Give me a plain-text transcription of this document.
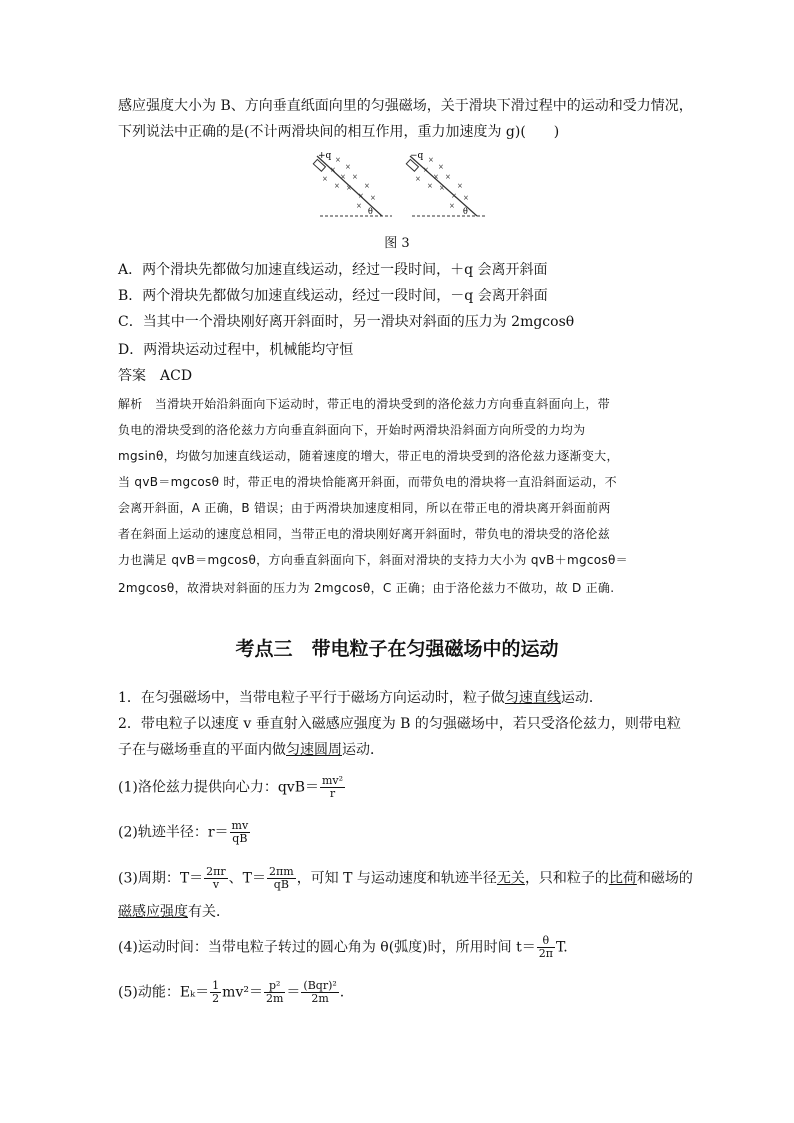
感应强度大小为 B、方向垂直纸面向里的匀强磁场，关于滑块下滑过程中的运动和受力情况，
下列说法中正确的是(不计两滑块间的相互作用，重力加速度为 g)(　　)
+q
θ
×
×
×
× ×
×
×
× ×
× ×
×
−q
θ
×
×
×
× ×
×
×
× ×
× ×
×
图 3
A．两个滑块先都做匀加速直线运动，经过一段时间，＋q 会离开斜面
B．两个滑块先都做匀加速直线运动，经过一段时间，－q 会离开斜面
C．当其中一个滑块刚好离开斜面时，另一滑块对斜面的压力为 2mgcosθ
D．两滑块运动过程中，机械能均守恒
答案　 ACD
解析　 当滑块开始沿斜面向下运动时，带正电的滑块受到的洛伦兹力方向垂直斜面向上，带
负电的滑块受到的洛伦兹力方向垂直斜面向下，开始时两滑块沿斜面方向所受的力均为
mgsinθ，均做匀加速直线运动，随着速度的增大，带正电的滑块受到的洛伦兹力逐渐变大，
当 qvB＝mgcosθ 时，带正电的滑块恰能离开斜面，而带负电的滑块将一直沿斜面运动，不
会离开斜面，A 正确，B 错误；由于两滑块加速度相同，所以在带正电的滑块离开斜面前两
者在斜面上运动的速度总相同，当带正电的滑块刚好离开斜面时，带负电的滑块受的洛伦兹
力也满足 qvB＝mgcosθ，方向垂直斜面向下，斜面对滑块的支持力大小为 qvB＋mgcosθ＝
2mgcosθ，故滑块对斜面的压力为 2mgcosθ，C 正确；由于洛伦兹力不做功，故 D 正确.
考点三　带电粒子在匀强磁场中的运动
1．在匀强磁场中，当带电粒子平行于磁场方向运动时，粒子做匀速直线运动．
2．带电粒子以速度 v 垂直射入磁感应强度为 B 的匀强磁场中，若只受洛伦兹力，则带电粒
子在与磁场垂直的平面内做匀速圆周运动．
(1)洛伦兹力提供向心力：$qvB= \frac{\text{mv²}}{r}$
(2)轨迹半径：$r= \frac{mv}{qB}$
(3)周期：$T= \frac{2\pi r}{v}$ 、$T= \frac{2\pi m}{qB}$ ，可知 T 与运动速度和轨迹半径无关，只和粒子的比荷和磁场的
磁感应强度有关．
(4)运动时间：当带电粒子转过的圆心角为 θ(弧度)时，所用时间 $t= \frac{\theta}{2\pi} T$.
(5)动能：$E_k= \frac{1}{2} mv^2= \frac{\text{p²}}{2m} = \frac{\text{(Bqr)²}}{2m}$ .
